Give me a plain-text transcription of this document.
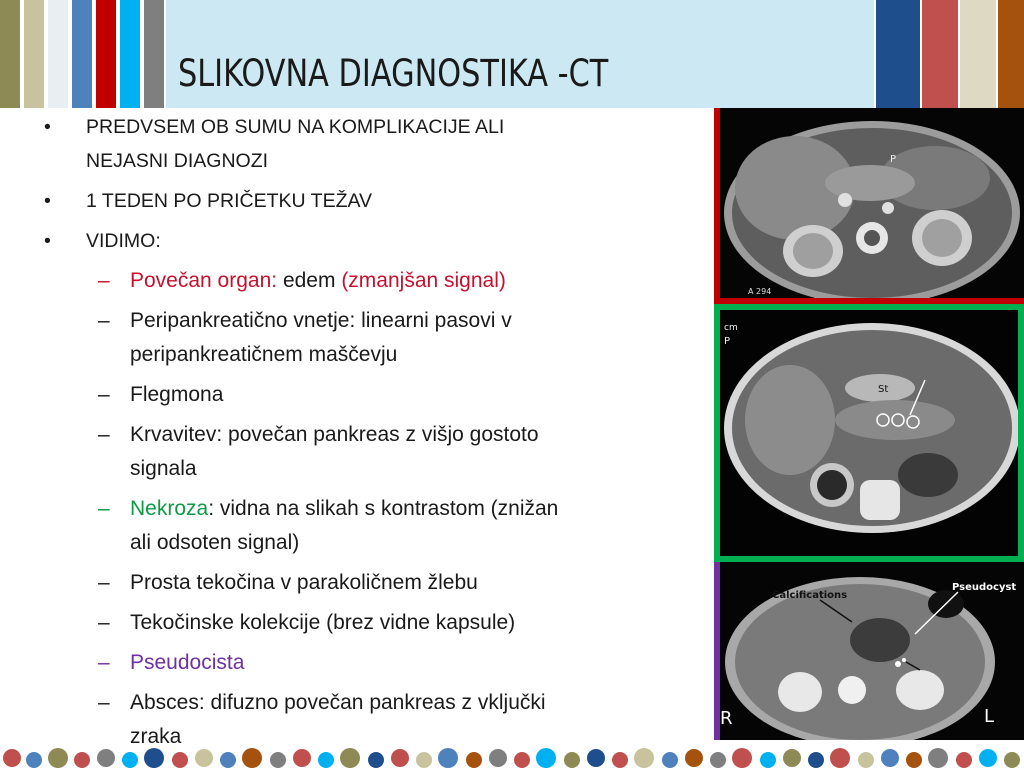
SLIKOVNA DIAGNOSTIKA -CT
• PREDVSEM OB SUMU NA KOMPLIKACIJE ALI
NEJASNI DIAGNOZI
• 1 TEDEN PO PRIČETKU TEŽAV
• VIDIMO:
– Povečan organ: edem (zmanjšan signal)
– Peripankreatično vnetje: linearni pasovi v
peripankreatičnem maščevju
– Flegmona
– Krvavitev: povečan pankreas z višjo gostoto
signala
– Nekroza: vidna na slikah s kontrastom (znižan
ali odsoten signal)
– Prosta tekočina v parakoličnem žlebu
– Tekočinske kolekcije (brez vidne kapsule)
– Pseudocista
– Absces: difuzno povečan pankreas z vključki
zraka
P
A 294
cm
P
St
Calcifications
Pseudocyst
R	L
